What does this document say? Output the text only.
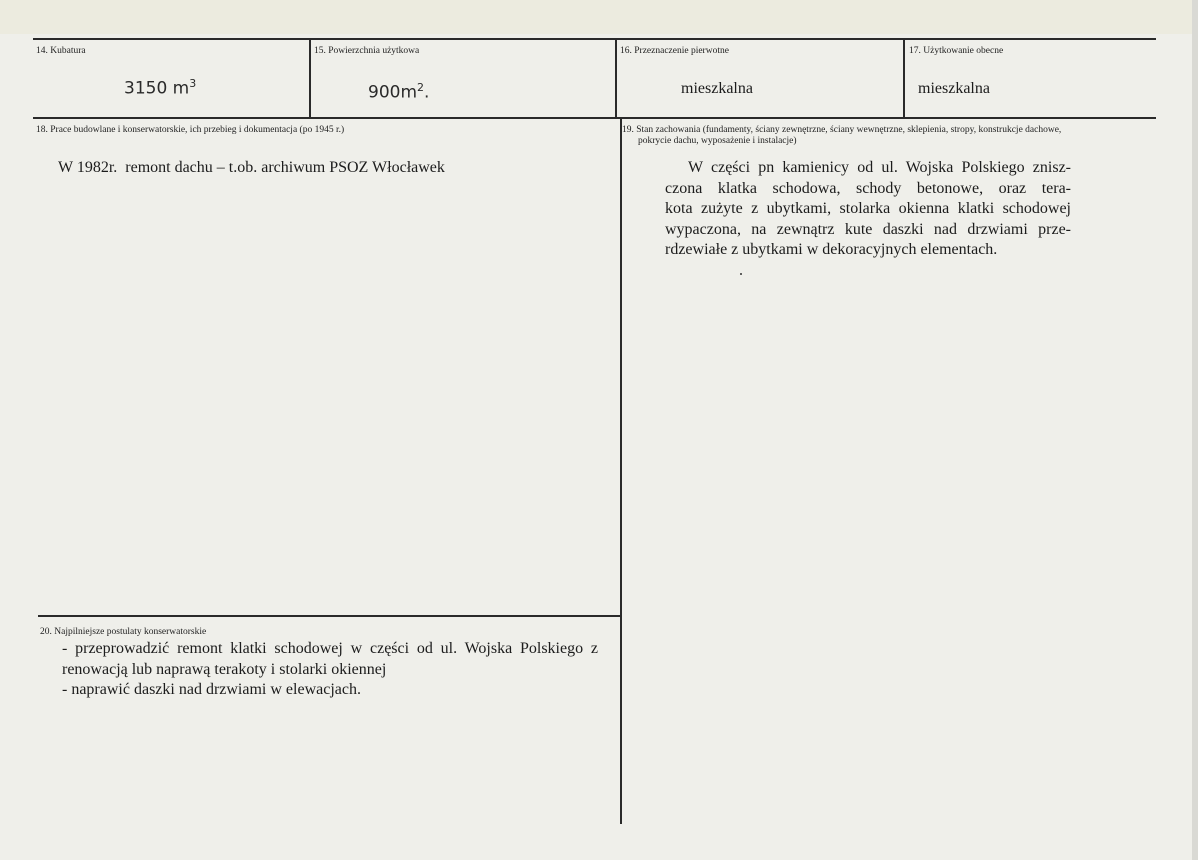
14. Kubatura
3150 $m^3$
15. Powierzchnia użytkowa
$900m^2$.
16. Przeznaczenie pierwotne
mieszkalna
17. Użytkowanie obecne
mieszkalna
18. Prace budowlane i konserwatorskie, ich przebieg i dokumentacja (po 1945 r.)
W 1982r.  remont dachu – t.ob. archiwum PSOZ Włocławek
19. Stan zachowania (fundamenty, ściany zewnętrzne, ściany wewnętrzne, sklepienia, stropy, konstrukcje dachowe,
pokrycie dachu, wyposażenie i instalacje)
W części pn kamienicy od ul. Wojska Polskiego znisz-
czona klatka schodowa, schody betonowe, oraz tera-
kota zużyte z ubytkami, stolarka okienna klatki schodowej
wypaczona, na zewnątrz kute daszki nad drzwiami prze-
rdzewiałe z ubytkami w dekoracyjnych elementach.
20. Najpilniejsze postulaty konserwatorskie
- przeprowadzić remont klatki schodowej w części od ul. Wojska Polskiego z
renowacją lub naprawą terakoty i stolarki okiennej
- naprawić daszki nad drzwiami w elewacjach.
